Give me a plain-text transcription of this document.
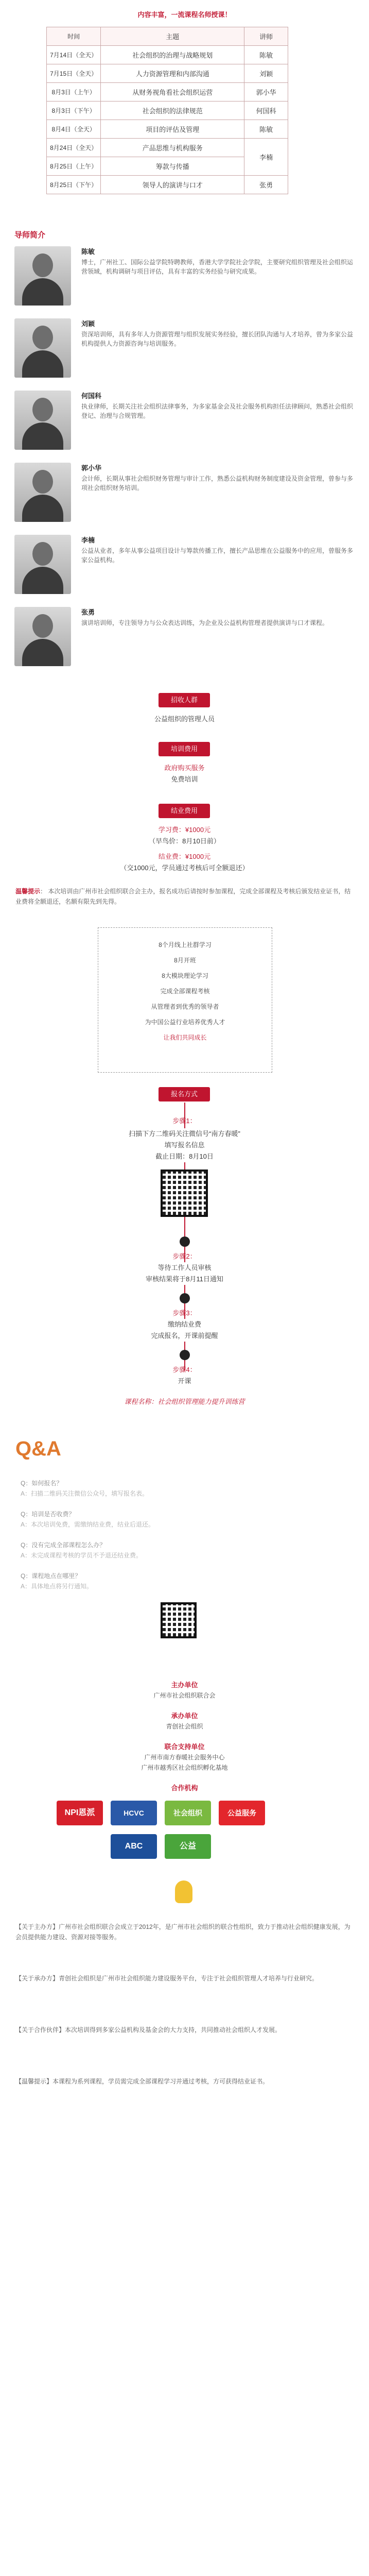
内容丰富，一流课程名师授课！
时间	主题	讲师
7月14日（全天）	社会组织的治理与战略规划	陈敏
7月15日（全天）	人力资源管理和内部沟通	刘颖
8月3日（上午）	从财务视角看社会组织运营	郭小华
8月3日（下午）	社会组织的法律规范	何国科
8月4日（全天）	项目的评估及管理	陈敏
8月24日（全天）	产品思维与机构服务	李楠
8月25日（上午）	筹款与传播	
8月25日（下午）	领导人的演讲与口才	张勇
导师简介
陈敏
博士，广州社工、国际公益学院特聘教师，香港大学学院社会学院，主要研究组织管理及社会组织运营领域，机构调研与项目评估，具有丰富的实务经验与研究成果。
刘颖
资深培训师，具有多年人力资源管理与组织发展实务经验，擅长团队沟通与人才培养，曾为多家公益机构提供人力资源咨询与培训服务。
何国科
执业律师，长期关注社会组织法律事务，为多家基金会及社会服务机构担任法律顾问，熟悉社会组织登记、治理与合规管理。
郭小华
会计师，长期从事社会组织财务管理与审计工作，熟悉公益机构财务制度建设及资金管理，曾参与多项社会组织财务培训。
李楠
公益从业者，多年从事公益项目设计与筹款传播工作，擅长产品思维在公益服务中的应用，曾服务多家公益机构。
张勇
演讲培训师，专注领导力与公众表达训练，为企业及公益机构管理者提供演讲与口才课程。
招收人群
公益组织的管理人员
培训费用
政府购买服务
免费培训
结业费用
学习费：¥1000元
（早鸟价：8月10日前）
结业费：¥1000元
（交1000元，学员通过考核后可全额退还）
温馨提示： 本次培训由广州市社会组织联合会主办，报名成功后请按时参加课程，完成全部课程及考核后颁发结业证书，结业费将全额退还，名额有限先到先得。
8个月线上社群学习
8月开班
8大模块理论学习
完成全部课程考核
从管理者到优秀的领导者
为中国公益行业培养优秀人才
让我们共同成长
报名方式
步骤1：
扫描下方二维码关注微信号“南方春暖”
填写报名信息
截止日期：8月10日
步骤2：
等待工作人员审核
审核结果将于8月11日通知
步骤3：
缴纳结业费
完成报名，开课前提醒
步骤4：
开课
课程名称：社会组织管理能力提升训练营
Q&A
Q：如何报名？
A：扫描二维码关注微信公众号，填写报名表。
Q：培训是否收费？
A：本次培训免费，需缴纳结业费，结业后退还。
Q：没有完成全部课程怎么办？
A：未完成课程考核的学员不予退还结业费。
Q：课程地点在哪里？
A：具体地点将另行通知。
主办单位
广州市社会组织联合会
承办单位
青创社会组织
联合支持单位
广州市南方春暖社会服务中心
广州市越秀区社会组织孵化基地
合作机构
NPI恩派	HCVC	社会组织	公益服务
ABC	公益
【关于主办方】广州市社会组织联合会成立于2012年，是广州市社会组织的联合性组织，致力于推动社会组织健康发展，为会员提供能力建设、资源对接等服务。
【关于承办方】青创社会组织是广州市社会组织能力建设服务平台，专注于社会组织管理人才培养与行业研究。
【关于合作伙伴】本次培训得到多家公益机构及基金会的大力支持，共同推动社会组织人才发展。
【温馨提示】本课程为系列课程，学员需完成全部课程学习并通过考核，方可获得结业证书。
